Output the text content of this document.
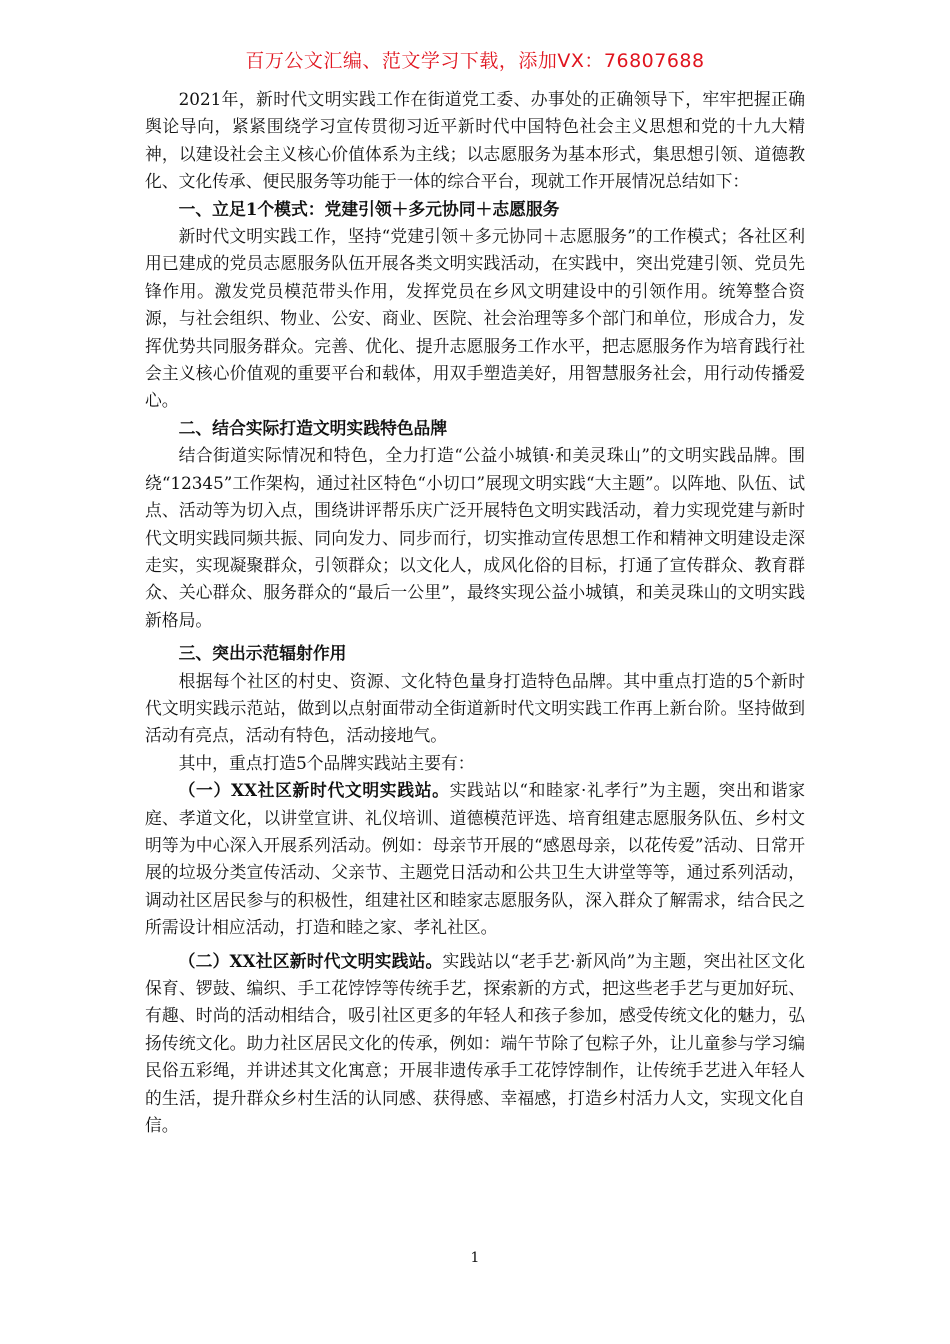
百万公文汇编、范文学习下载，添加VX：76807688

2021年，新时代文明实践工作在街道党工委、办事处的正确领导下，牢牢把握正确舆论导向，紧紧围绕学习宣传贯彻习近平新时代中国特色社会主义思想和党的十九大精神，以建设社会主义核心价值体系为主线；以志愿服务为基本形式，集思想引领、道德教化、文化传承、便民服务等功能于一体的综合平台，现就工作开展情况总结如下：

一、立足1个模式：党建引领＋多元协同＋志愿服务

新时代文明实践工作，坚持“党建引领＋多元协同＋志愿服务”的工作模式；各社区利用已建成的党员志愿服务队伍开展各类文明实践活动，在实践中，突出党建引领、党员先锋作用。激发党员模范带头作用，发挥党员在乡风文明建设中的引领作用。统筹整合资源，与社会组织、物业、公安、商业、医院、社会治理等多个部门和单位，形成合力，发挥优势共同服务群众。完善、优化、提升志愿服务工作水平，把志愿服务作为培育践行社会主义核心价值观的重要平台和载体，用双手塑造美好，用智慧服务社会，用行动传播爱心。

二、结合实际打造文明实践特色品牌

结合街道实际情况和特色，全力打造“公益小城镇·和美灵珠山”的文明实践品牌。围绕“12345”工作架构，通过社区特色“小切口”展现文明实践“大主题”。以阵地、队伍、试点、活动等为切入点，围绕讲评帮乐庆广泛开展特色文明实践活动，着力实现党建与新时代文明实践同频共振、同向发力、同步而行，切实推动宣传思想工作和精神文明建设走深走实，实现凝聚群众，引领群众；以文化人，成风化俗的目标，打通了宣传群众、教育群众、关心群众、服务群众的“最后一公里”，最终实现公益小城镇，和美灵珠山的文明实践新格局。

三、突出示范辐射作用

根据每个社区的村史、资源、文化特色量身打造特色品牌。其中重点打造的5个新时代文明实践示范站，做到以点射面带动全街道新时代文明实践工作再上新台阶。坚持做到活动有亮点，活动有特色，活动接地气。

其中，重点打造5个品牌实践站主要有：

（一）XX社区新时代文明实践站。实践站以“和睦家·礼孝行”为主题，突出和谐家庭、孝道文化，以讲堂宣讲、礼仪培训、道德模范评选、培育组建志愿服务队伍、乡村文明等为中心深入开展系列活动。例如：母亲节开展的“感恩母亲，以花传爱”活动、日常开展的垃圾分类宣传活动、父亲节、主题党日活动和公共卫生大讲堂等等，通过系列活动，调动社区居民参与的积极性，组建社区和睦家志愿服务队，深入群众了解需求，结合民之所需设计相应活动，打造和睦之家、孝礼社区。

（二）XX社区新时代文明实践站。实践站以“老手艺·新风尚”为主题，突出社区文化保育、锣鼓、编织、手工花饽饽等传统手艺，探索新的方式，把这些老手艺与更加好玩、有趣、时尚的活动相结合，吸引社区更多的年轻人和孩子参加，感受传统文化的魅力，弘扬传统文化。助力社区居民文化的传承，例如：端午节除了包粽子外，让儿童参与学习编民俗五彩绳，并讲述其文化寓意；开展非遗传承手工花饽饽制作，让传统手艺进入年轻人的生活，提升群众乡村生活的认同感、获得感、幸福感，打造乡村活力人文，实现文化自信。

1
